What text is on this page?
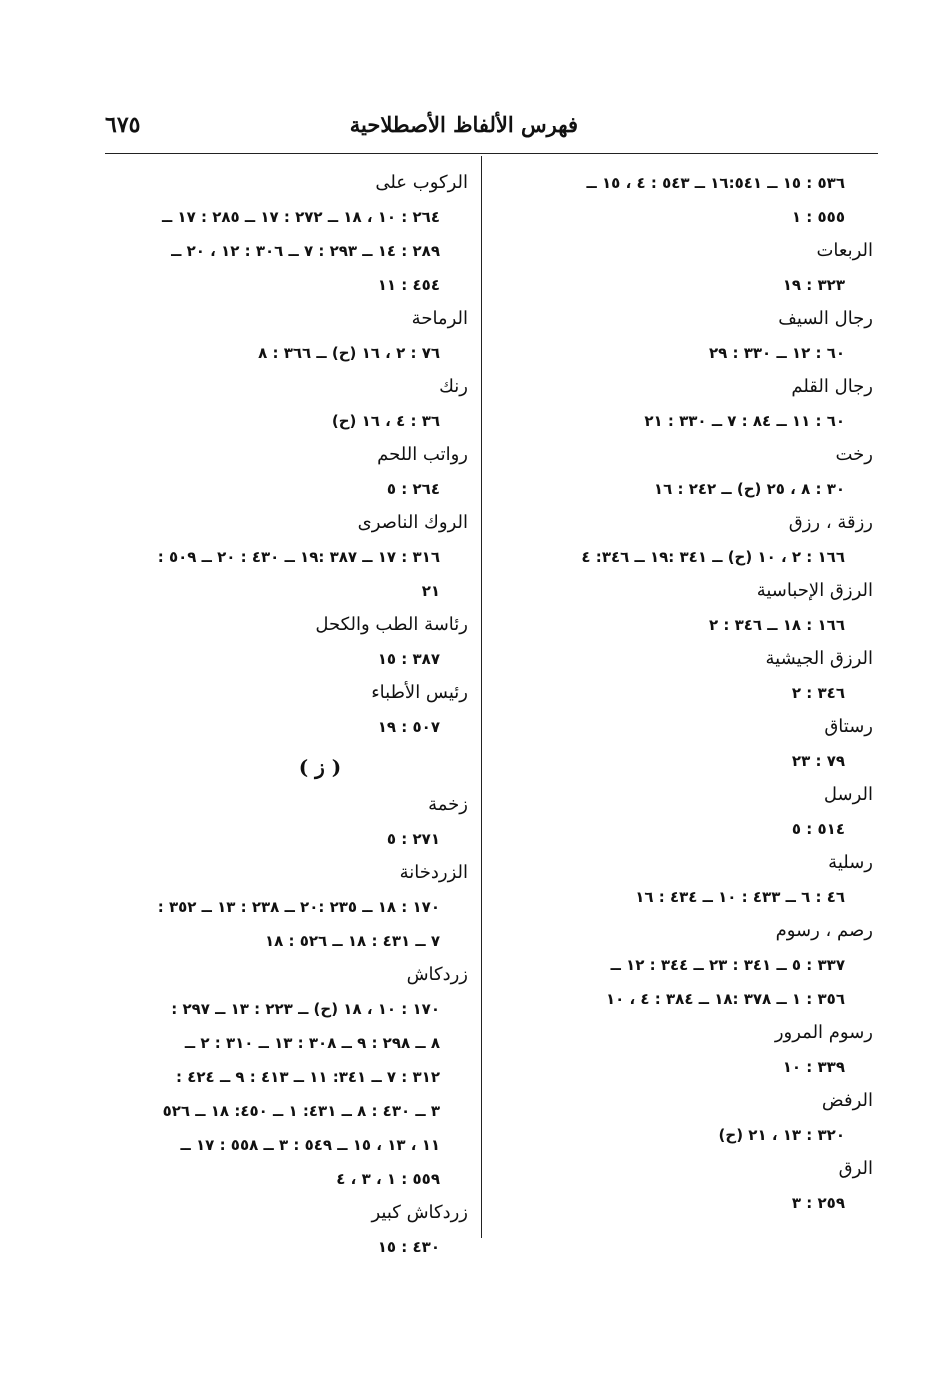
٦٧٥	فهرس الألفاظ الأصطلاحية
٥٣٦ : ١٥ ــ ١٦:٥٤١ ــ ٥٤٣ : ٤ ، ١٥ ــ
٥٥٥ : ١
الربعات
٣٢٣ : ١٩
رجال السيف
٦٠ : ١٢ ــ ٣٣٠ : ٢٩
رجال القلم
٦٠ : ١١ ــ ٨٤ : ٧ ــ ٣٣٠ : ٢١
رخت
٣٠ : ٨ ، ٢٥ (ح) ــ ٢٤٢ : ١٦
رزقة ، رزق
١٦٦ : ٢ ، ١٠ (ح) ــ ٣٤١ :١٩ ــ ٣٤٦: ٤
الرزق الإحباسية
١٦٦ : ١٨ ــ ٣٤٦ : ٢
الرزق الجيشية
٣٤٦ : ٢
رستاق
٧٩ : ٢٣
الرسل
٥١٤ : ٥
رسلية
٤٦ : ٦ ــ ٤٣٣ : ١٠ ــ ٤٣٤ : ١٦
رصم ، رسوم
٣٣٧ : ٥ ــ ٣٤١ : ٢٣ ــ ٣٤٤ : ١٢ ــ
٣٥٦ : ١ ــ ٣٧٨ :١٨ ــ ٣٨٤ : ٤ ، ١٠
رسوم المرور
٣٣٩ : ١٠
الرفض
٣٢٠ : ١٣ ، ٢١ (ح)
الرق
٢٥٩ : ٣
الركوب على
٢٦٤ : ١٠ ، ١٨ ــ ٢٧٢ : ١٧ ــ ٢٨٥ : ١٧ ــ
٢٨٩ : ١٤ ــ ٢٩٣ : ٧ ــ ٣٠٦ : ١٢ ، ٢٠ ــ
٤٥٤ : ١١
الرماحة
٧٦ : ٢ ، ١٦ (ح) ــ ٣٦٦ : ٨
رنك
٣٦ : ٤ ، ١٦ (ح)
رواتب اللحم
٢٦٤ : ٥
الروك الناصرى
٣١٦ : ١٧ ــ ٣٨٧ :١٩ ــ ٤٣٠ : ٢٠ ــ ٥٠٩ :
٢١
رئاسة الطب والكحل
٣٨٧ : ١٥
رئيس الأطباء
٥٠٧ : ١٩
( ز )
زخمة
٢٧١ : ٥
الزردخانة
١٧٠ : ١٨ ــ ٢٣٥ :٢٠ ــ ٢٣٨ : ١٣ ــ ٣٥٢ :
٧ ــ ٤٣١ : ١٨ ــ ٥٢٦ : ١٨
زردكاش
١٧٠ : ١٠ ، ١٨ (ح) ــ ٢٢٣ : ١٣ ــ ٢٩٧ :
٨ ــ ٢٩٨ : ٩ ــ ٣٠٨ : ١٣ ــ ٣١٠ : ٢ ــ
٣١٢ : ٧ ــ ٣٤١: ١١ ــ ٤١٣ : ٩ ــ ٤٢٤ :
٣ ــ ٤٣٠ : ٨ ــ ٤٣١: ١ ــ ٤٥٠: ١٨ ــ ٥٢٦
١١ ، ١٣ ، ١٥ ــ ٥٤٩ : ٣ ــ ٥٥٨ : ١٧ ــ
٥٥٩ : ١ ، ٣ ، ٤
زردكاش كبير
٤٣٠ : ١٥
